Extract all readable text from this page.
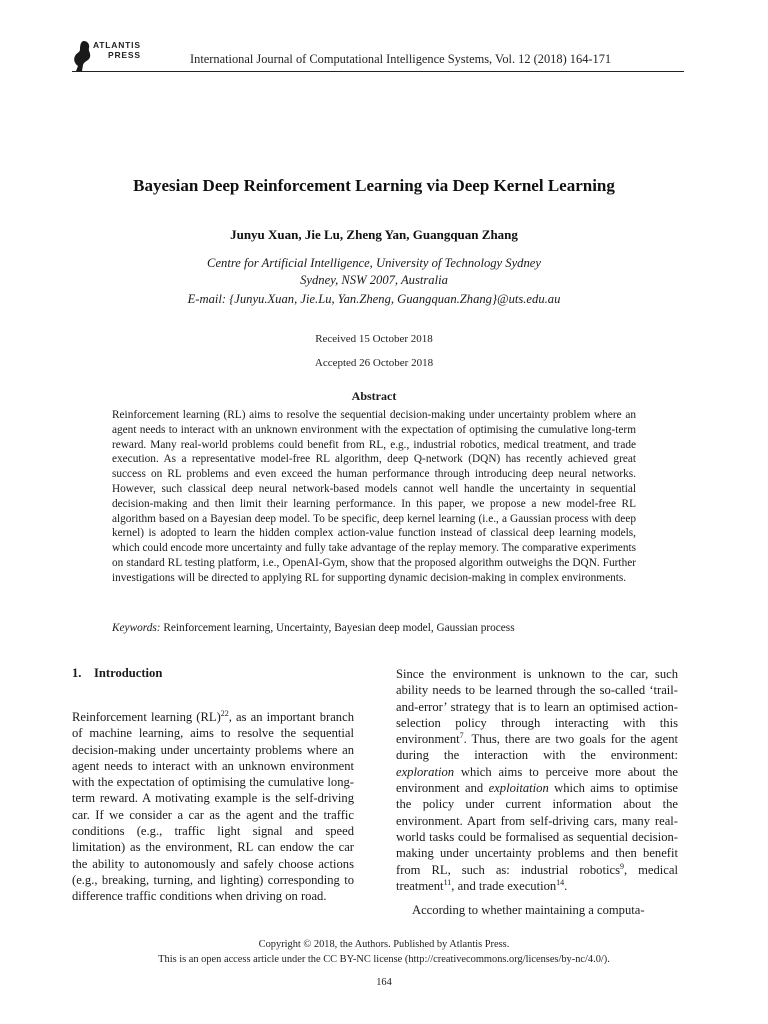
ATLANTIS
PRESS	International Journal of Computational Intelligence Systems, Vol. 12 (2018) 164-171
Bayesian Deep Reinforcement Learning via Deep Kernel Learning
Junyu Xuan, Jie Lu, Zheng Yan, Guangquan Zhang
Centre for Artificial Intelligence, University of Technology Sydney
Sydney, NSW 2007, Australia
E-mail: {Junyu.Xuan, Jie.Lu, Yan.Zheng, Guangquan.Zhang}@uts.edu.au
Received 15 October 2018
Accepted 26 October 2018
Abstract
Reinforcement learning (RL) aims to resolve the sequential decision-making under uncertainty problem where an agent needs to interact with an unknown environment with the expectation of optimising the cumulative long-term reward. Many real-world problems could benefit from RL, e.g., industrial robotics, medical treatment, and trade execution. As a representative model-free RL algorithm, deep Q-network (DQN) has recently achieved great success on RL problems and even exceed the human performance through introducing deep neural networks. However, such classical deep neural network-based models cannot well handle the uncertainty in sequential decision-making and then limit their learning performance. In this paper, we propose a new model-free RL algorithm based on a Bayesian deep model. To be specific, deep kernel learning (i.e., a Gaussian process with deep kernel) is adopted to learn the hidden complex action-value function instead of classical deep learning models, which could encode more uncertainty and fully take advantage of the replay memory. The comparative experiments on standard RL testing platform, i.e., OpenAI-Gym, show that the proposed algorithm outweighs the DQN. Further investigations will be directed to applying RL for supporting dynamic decision-making in complex environments.
Keywords: Reinforcement learning, Uncertainty, Bayesian deep model, Gaussian process
1. Introduction
Reinforcement learning (RL)$^{22}$, as an important branch of machine learning, aims to resolve the sequential decision-making under uncertainty problems where an agent needs to interact with an unknown environment with the expectation of optimising the cumulative long-term reward. A motivating example is the self-driving car. If we consider a car as the agent and the traffic conditions (e.g., traffic light signal and speed limitation) as the environment, RL can endow the car the ability to autonomously and safely choose actions (e.g., breaking, turning, and lighting) corresponding to difference traffic conditions when driving on road.

Since the environment is unknown to the car, such ability needs to be learned through the so-called ‘trail-and-error’ strategy that is to learn an optimised action-selection policy through interacting with this environment$^7$. Thus, there are two goals for the agent during the interaction with the environment: exploration which aims to perceive more about the environment and exploitation which aims to optimise the policy under current information about the environment. Apart from self-driving cars, many real-world tasks could be formalised as sequential decision-making under uncertainty problems and then benefit from RL, such as: industrial robotics$^9$, medical treatment$^{11}$, and trade execution$^{14}$.

According to whether maintaining a computa-

Copyright © 2018, the Authors. Published by Atlantis Press.
This is an open access article under the CC BY-NC license (http://creativecommons.org/licenses/by-nc/4.0/).
164
